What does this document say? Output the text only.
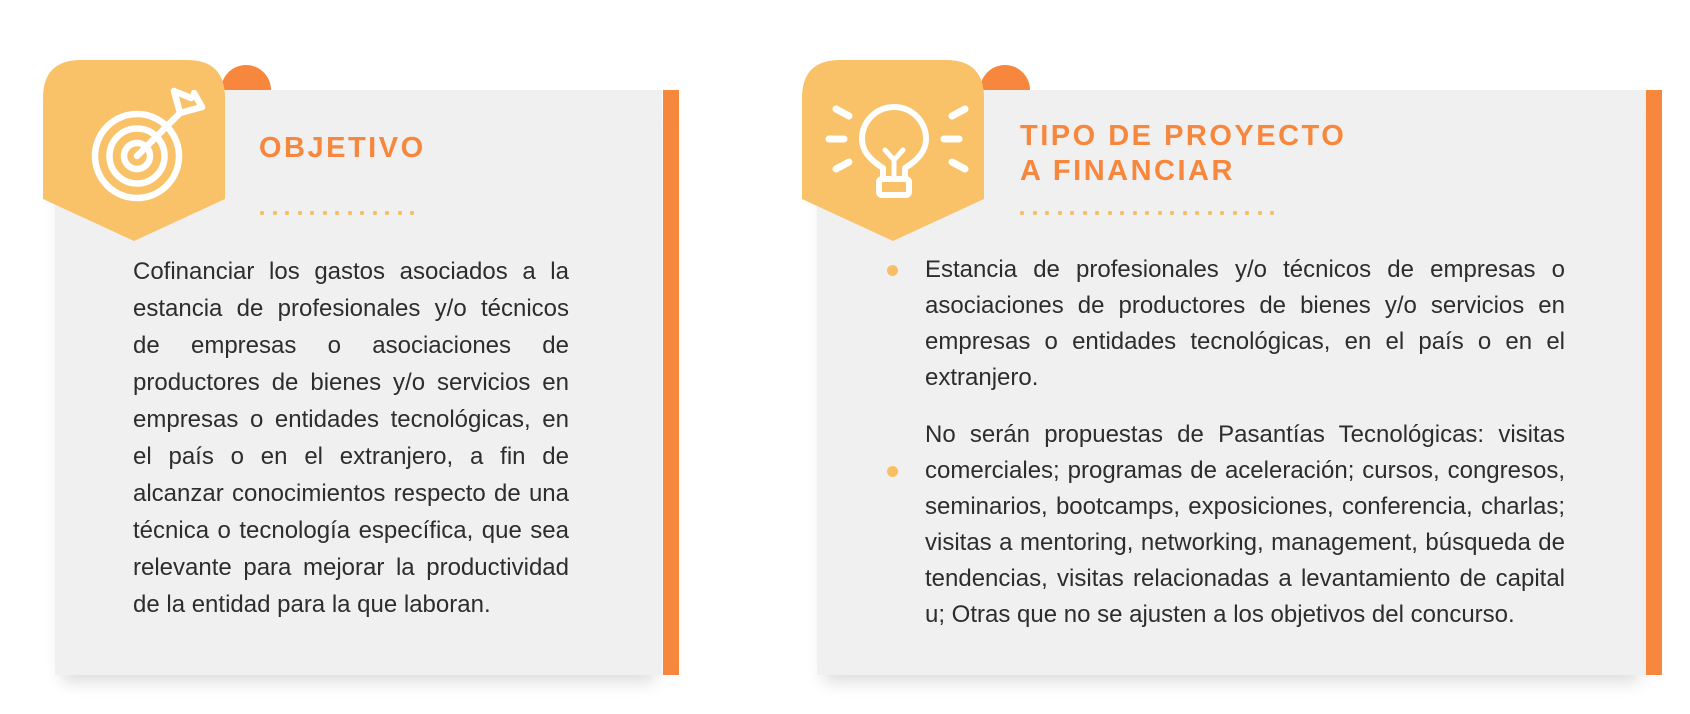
OBJETIVO
Cofinanciar los gastos asociados a la estancia de profesionales y/o técnicos de empresas o asociaciones de productores de bienes y/o servicios en empresas o entidades tecnológicas, en el país o en el extranjero, a fin de alcanzar conocimientos respecto de una técnica o tecnología específica, que sea relevante para mejorar la productividad de la entidad para la que laboran.
TIPO DE PROYECTO
A FINANCIAR
Estancia de profesionales y/o técnicos de empresas o asociaciones de productores de bienes y/o servicios en empresas o entidades tecnológicas, en el país o en el extranjero.
No serán propuestas de Pasantías Tecnológicas: visitas comerciales; programas de aceleración; cursos, congresos, seminarios, bootcamps, exposiciones, conferencia, charlas; visitas a mentoring, networking, management, búsqueda de tendencias, visitas relacionadas a levantamiento de capital u; Otras que no se ajusten a los objetivos del concurso.
